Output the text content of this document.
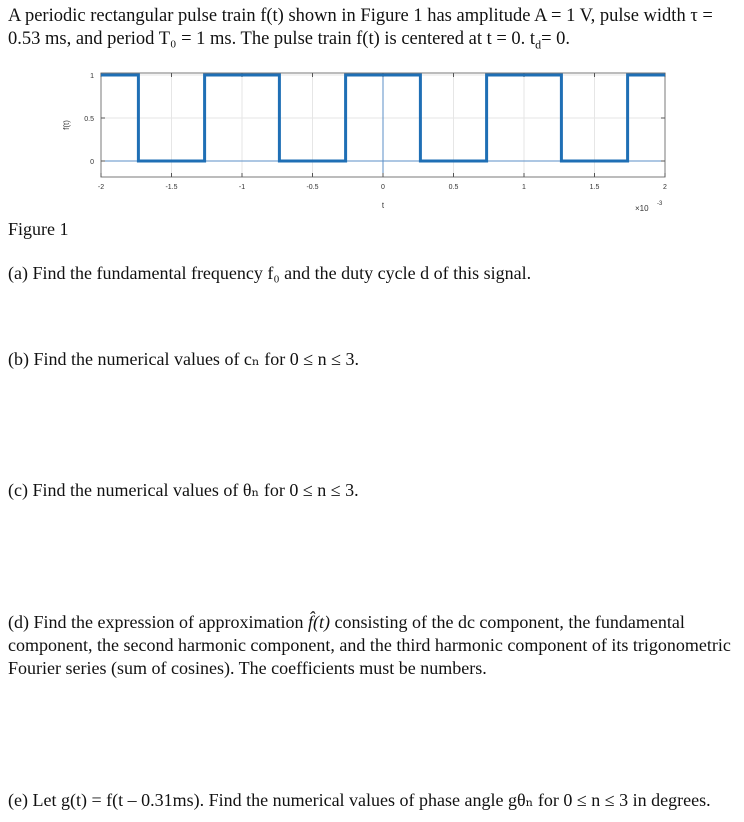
A periodic rectangular pulse train f(t) shown in Figure 1 has amplitude A = 1 V, pulse width τ =
0.53 ms, and period T₀ = 1 ms. The pulse train f(t) is centered at t = 0. $t_d= 0$.
-2	-1.5	-1	-0.5	0	0.5	1	1.5	2
0
0.5
1
f(t)
t	×10 -3
Figure 1
(a) Find the fundamental frequency f₀ and the duty cycle d of this signal.
(b) Find the numerical values of cₙ for 0 ≤ n ≤ 3.
(c) Find the numerical values of θₙ for 0 ≤ n ≤ 3.
(d) Find the expression of approximation f̂(t) consisting of the dc component, the fundamental component, the second harmonic component, and the third harmonic component of its trigonometric Fourier series (sum of cosines). The coefficients must be numbers.
(e) Let g(t) = f(t – 0.31ms). Find the numerical values of phase angle gθₙ for 0 ≤ n ≤ 3 in degrees.
